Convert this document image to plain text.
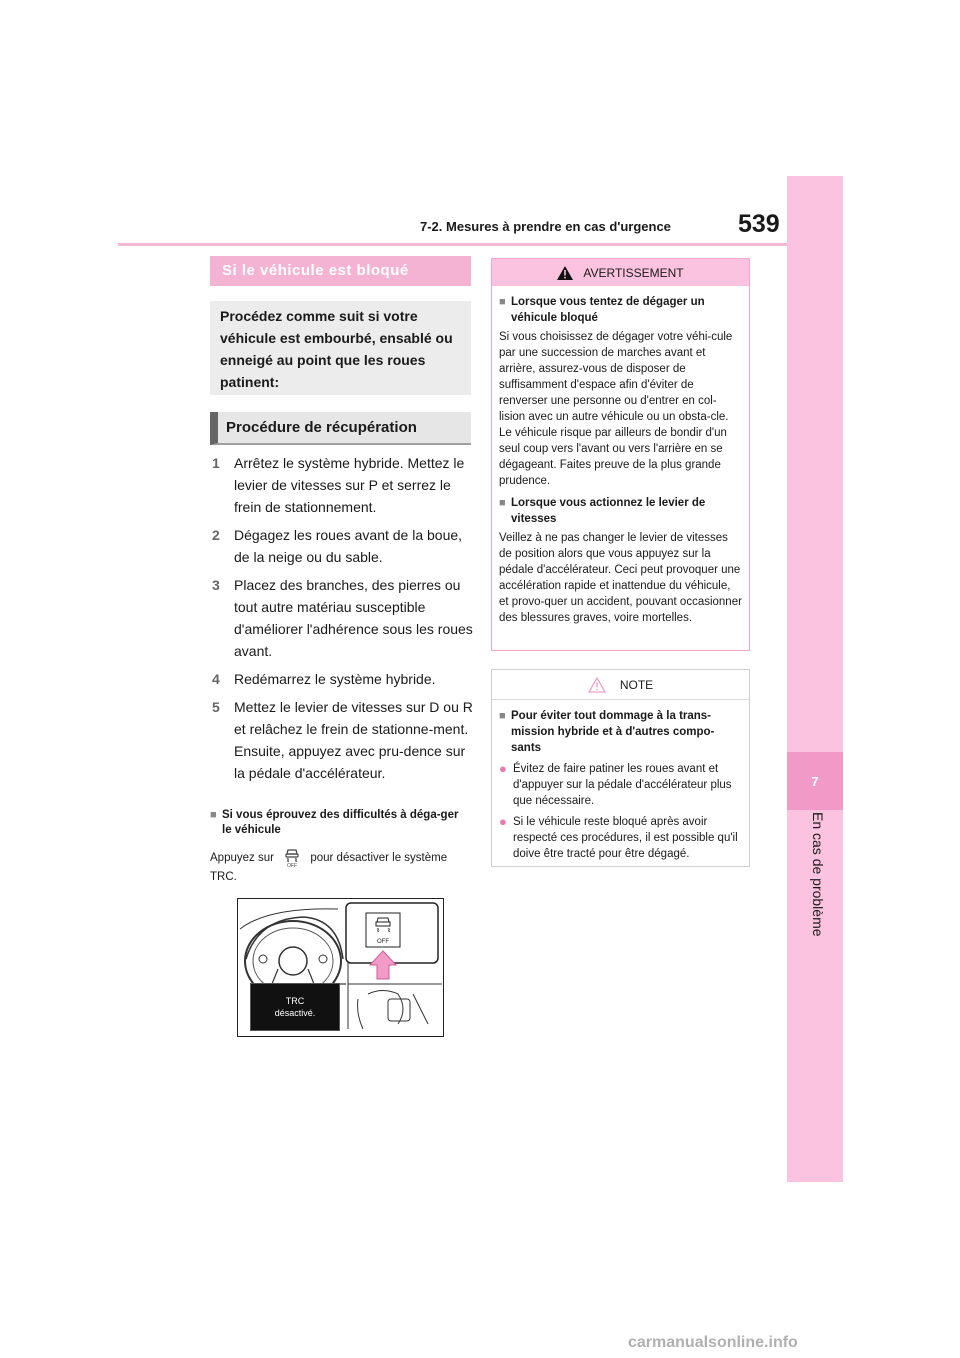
7-2. Mesures à prendre en cas d'urgence	539
7
En cas de problème
Si le véhicule est bloqué
Procédez comme suit si votre véhicule est embourbé, ensablé ou enneigé au point que les roues patinent:
Procédure de récupération
1	Arrêtez le système hybride. Mettez le levier de vitesses sur P et serrez le frein de stationnement.
2	Dégagez les roues avant de la boue, de la neige ou du sable.
3	Placez des branches, des pierres ou tout autre matériau susceptible d'améliorer l'adhérence sous les roues avant.
4	Redémarrez le système hybride.
5	Mettez le levier de vitesses sur D ou R et relâchez le frein de stationne-ment. Ensuite, appuyez avec pru-dence sur la pédale d'accélérateur.
■ Si vous éprouvez des difficultés à déga-ger le véhicule
Appuyez sur
OFF
pour désactiver le système TRC.
OFF
TRC
désactivé.
AVERTISSEMENT
■ Lorsque vous tentez de dégager un véhicule bloqué
Si vous choisissez de dégager votre véhi-cule par une succession de marches avant et arrière, assurez-vous de disposer de suffisamment d'espace afin d'éviter de renverser une personne ou d'entrer en col-lision avec un autre véhicule ou un obsta-cle. Le véhicule risque par ailleurs de bondir d'un seul coup vers l'avant ou vers l'arrière en se dégageant. Faites preuve de la plus grande prudence.
■ Lorsque vous actionnez le levier de vitesses
Veillez à ne pas changer le levier de vitesses de position alors que vous appuyez sur la pédale d'accélérateur. Ceci peut provoquer une accélération rapide et inattendue du véhicule, et provo-quer un accident, pouvant occasionner des blessures graves, voire mortelles.
NOTE
■ Pour éviter tout dommage à la trans-mission hybride et à d'autres compo-sants
● Évitez de faire patiner les roues avant et d'appuyer sur la pédale d'accélérateur plus que nécessaire.
● Si le véhicule reste bloqué après avoir respecté ces procédures, il est possible qu'il doive être tracté pour être dégagé.
carmanualsonline.info
